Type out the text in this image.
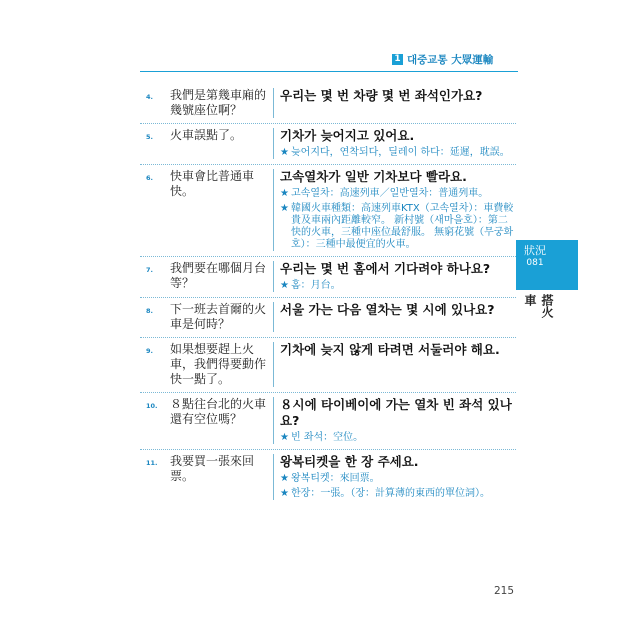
1 대중교통 大眾運輸
4.	我們是第幾車廂的幾號座位啊？
우리는 몇 번 차량 몇 번 좌석인가요?
5.	火車誤點了。	기차가 늦어지고 있어요.
★ 늦어지다，연착되다，딜레이 하다：延遲，耽誤。
6.	快車會比普通車快。
고속열차가 일반 기차보다 빨라요.
★ 고속열차：高速列車／일반열차：普通列車。
★ 韓國火車種類：高速列車KTX（고속열차）：車費較貴及車兩內距離較窄。 新村號（새마을호）：第二快的火車，三種中座位最舒服。 無窮花號（무궁화호）：三種中最便宜的火車。
7.	我們要在哪個月台等？
우리는 몇 번 홈에서 기다려야 하나요?
★ 홈：月台。
8.	下一班去首爾的火車是何時？
서울 가는 다음 열차는 몇 시에 있나요?
9.	如果想要趕上火車，我們得要動作快一點了。
기차에 늦지 않게 타려면 서둘러야 해요.
10.	８點往台北的火車還有空位嗎？
８시에 타이베이에 가는 열차 빈 좌석 있나요?
★ 빈 좌석：空位。
11.	我要買一張來回票。
왕복티켓을 한 장 주세요.
★ 왕복티켓：來回票。
★ 한장：一張。（장：計算薄的東西的單位詞）。
狀況
081
搭火車
215
